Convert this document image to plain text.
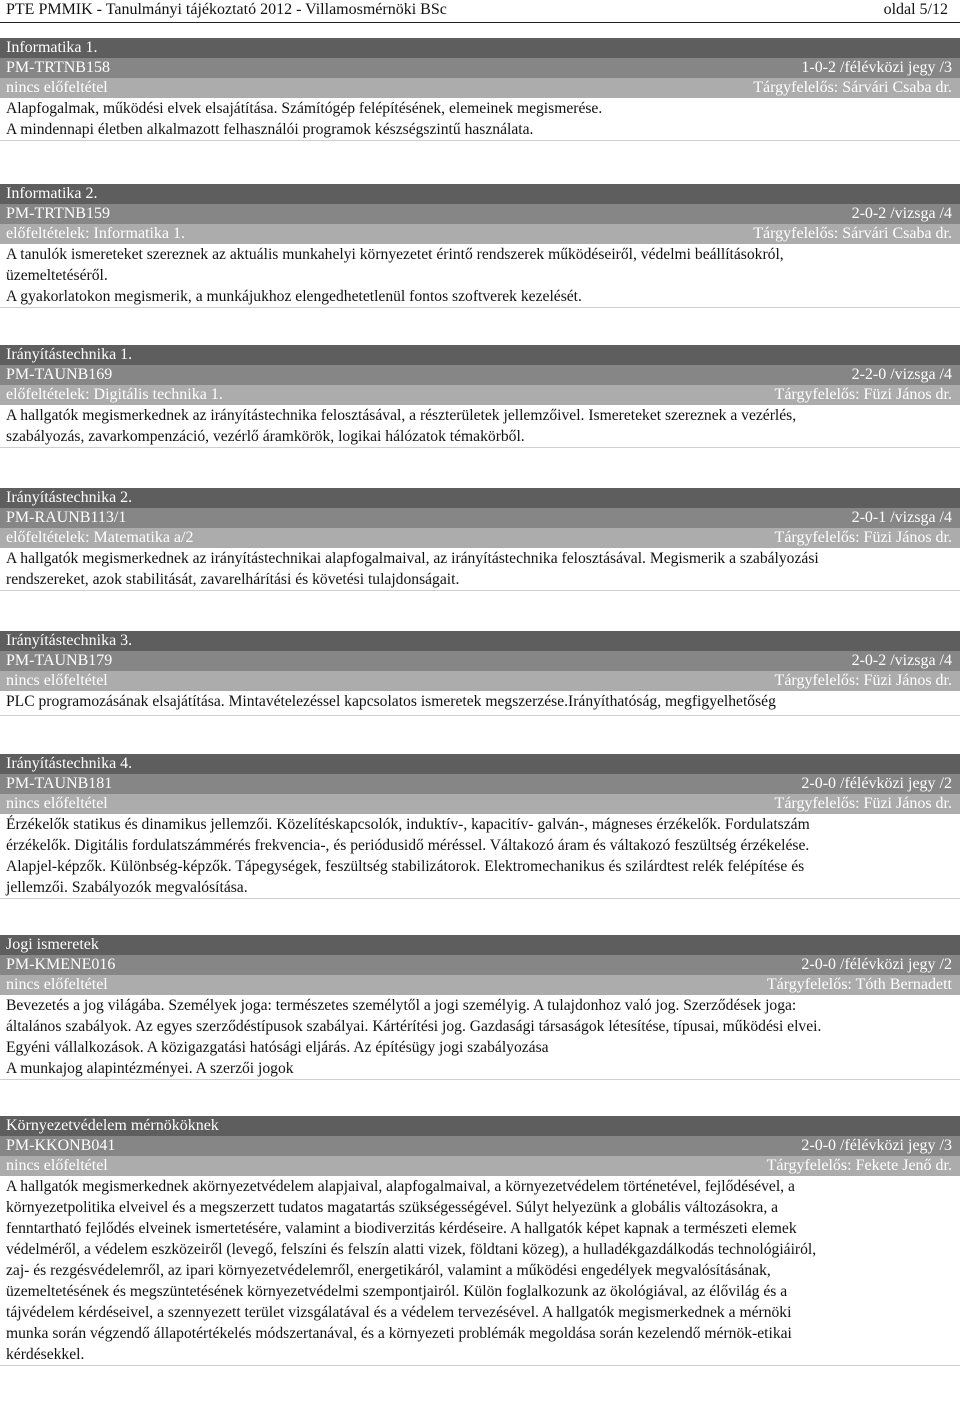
PTE PMMIK - Tanulmányi tájékoztató 2012 - Villamosmérnöki BSc	oldal 5/12
Informatika 1.
1-0-2 /félévközi jegy /3
PM-TRTNB158
Tárgyfelelős: Sárvári Csaba dr.
nincs előfeltétel
Alapfogalmak, működési elvek elsajátítása. Számítógép felépítésének, elemeinek megismerése.
A mindennapi életben alkalmazott felhasználói programok készségszintű használata.
Informatika 2.
2-0-2 /vizsga /4
PM-TRTNB159
Tárgyfelelős: Sárvári Csaba dr.
előfeltételek: Informatika 1.
A tanulók ismereteket szereznek az aktuális munkahelyi környezetet érintő rendszerek működéseiről, védelmi beállításokról,
üzemeltetéséről.
A gyakorlatokon megismerik, a munkájukhoz elengedhetetlenül fontos szoftverek kezelését.
Irányítástechnika 1.
2-2-0 /vizsga /4
PM-TAUNB169
Tárgyfelelős: Füzi János dr.
előfeltételek: Digitális technika 1.
A hallgatók megismerkednek az irányítástechnika felosztásával, a részterületek jellemzőivel. Ismereteket szereznek a vezérlés,
szabályozás, zavarkompenzáció, vezérlő áramkörök, logikai hálózatok témakörből.
Irányítástechnika 2.
2-0-1 /vizsga /4
PM-RAUNB113/1
Tárgyfelelős: Füzi János dr.
előfeltételek: Matematika a/2
A hallgatók megismerkednek az irányítástechnikai alapfogalmaival, az irányítástechnika felosztásával. Megismerik a szabályozási
rendszereket, azok stabilitását, zavarelhárítási és követési tulajdonságait.
Irányítástechnika 3.
2-0-2 /vizsga /4
PM-TAUNB179
Tárgyfelelős: Füzi János dr.
nincs előfeltétel
PLC programozásának elsajátítása. Mintavételezéssel kapcsolatos ismeretek megszerzése.Irányíthatóság, megfigyelhetőség
Irányítástechnika 4.
2-0-0 /félévközi jegy /2
PM-TAUNB181
Tárgyfelelős: Füzi János dr.
nincs előfeltétel
Érzékelők statikus és dinamikus jellemzői. Közelítéskapcsolók, induktív-, kapacitív- galván-, mágneses érzékelők. Fordulatszám
érzékelők. Digitális fordulatszámmérés frekvencia-, és periódusidő méréssel. Váltakozó áram és váltakozó feszültség érzékelése.
Alapjel-képzők. Különbség-képzők. Tápegységek, feszültség stabilizátorok. Elektromechanikus és szilárdtest relék felépítése és
jellemzői. Szabályozók megvalósítása.
Jogi ismeretek
2-0-0 /félévközi jegy /2
PM-KMENE016
Tárgyfelelős: Tóth Bernadett
nincs előfeltétel
Bevezetés a jog világába. Személyek joga: természetes személytől a jogi személyig. A tulajdonhoz való jog. Szerződések joga:
általános szabályok. Az egyes szerződéstípusok szabályai. Kártérítési jog. Gazdasági társaságok létesítése, típusai, működési elvei.
Egyéni vállalkozások. A közigazgatási hatósági eljárás. Az építésügy jogi szabályozása
A munkajog alapintézményei. A szerzői jogok
Környezetvédelem mérnököknek
2-0-0 /félévközi jegy /3
PM-KKONB041
Tárgyfelelős: Fekete Jenő dr.
nincs előfeltétel
A hallgatók megismerkednek akörnyezetvédelem alapjaival, alapfogalmaival, a környezetvédelem történetével, fejlődésével, a
környezetpolitika elveivel és a megszerzett tudatos magatartás szükségességével. Súlyt helyezünk a globális változásokra, a
fenntartható fejlődés elveinek ismertetésére, valamint a biodiverzitás kérdéseire. A hallgatók képet kapnak a természeti elemek
védelméről, a védelem eszközeiről (levegő, felszíni és felszín alatti vizek, földtani közeg), a hulladékgazdálkodás technológiáiról,
zaj- és rezgésvédelemről, az ipari környezetvédelemről, energetikáról, valamint a működési engedélyek megvalósításának,
üzemeltetésének és megszüntetésének környezetvédelmi szempontjairól. Külön foglalkozunk az ökológiával, az élővilág és a
tájvédelem kérdéseivel, a szennyezett terület vizsgálatával és a védelem tervezésével. A hallgatók megismerkednek a mérnöki
munka során végzendő állapotértékelés módszertanával, és a környezeti problémák megoldása során kezelendő mérnök-etikai
kérdésekkel.
